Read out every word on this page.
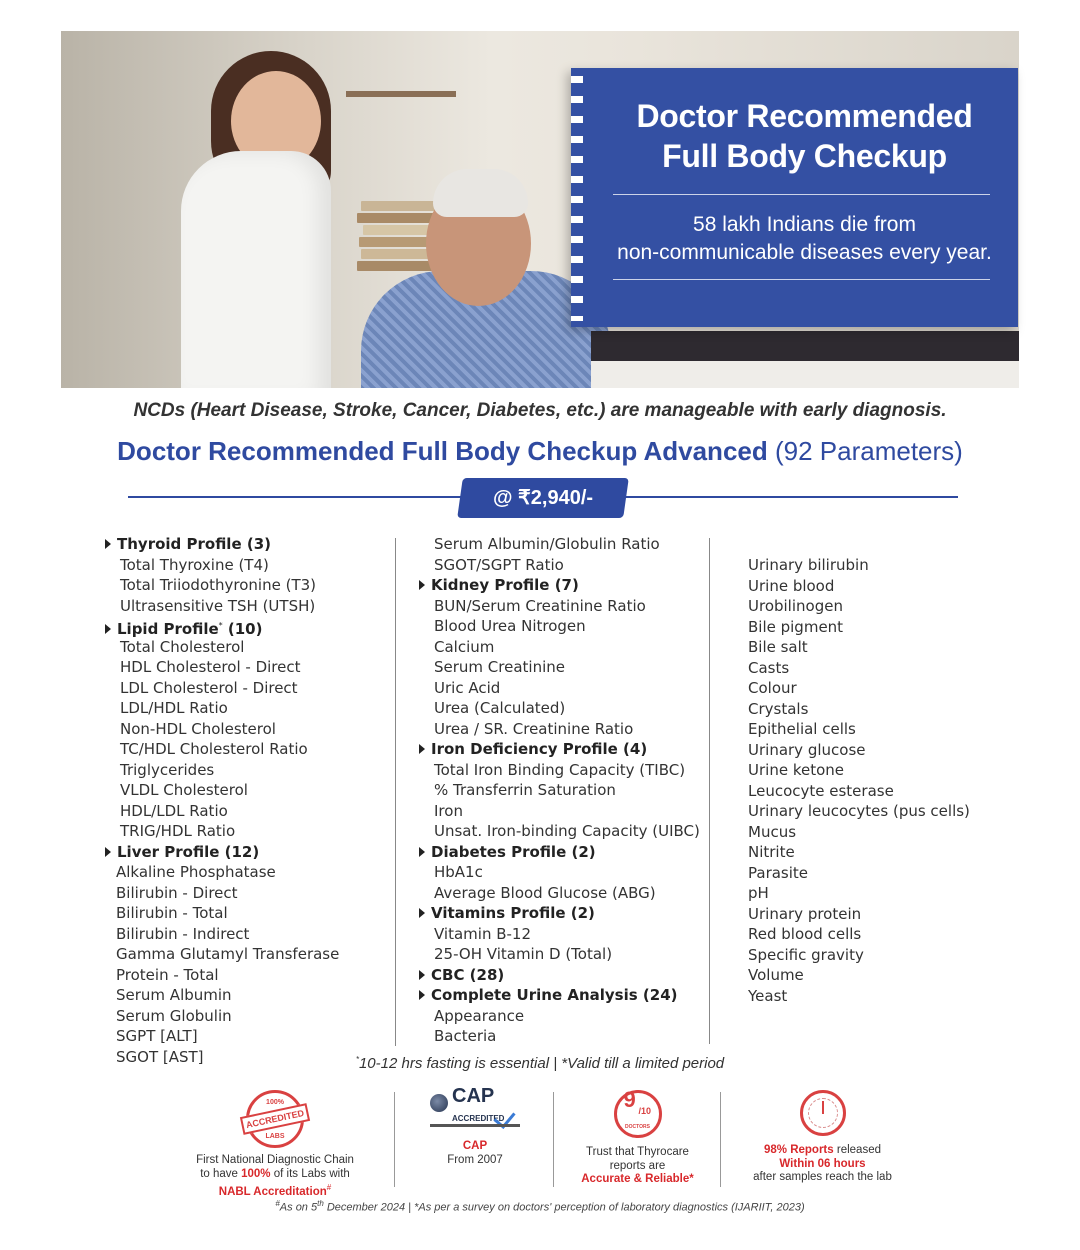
Doctor Recommended
Full Body Checkup
58 lakh Indians die from
non-communicable diseases every year.
NCDs (Heart Disease, Stroke, Cancer, Diabetes, etc.) are manageable with early diagnosis.
Doctor Recommended Full Body Checkup Advanced (92 Parameters)
@ ₹2,940/-
Thyroid Profile (3)
Total Thyroxine (T4)
Total Triiodothyronine (T3)
Ultrasensitive TSH (UTSH)
Lipid Profile* (10)
Total Cholesterol
HDL Cholesterol - Direct
LDL Cholesterol - Direct
LDL/HDL Ratio
Non-HDL Cholesterol
TC/HDL Cholesterol Ratio
Triglycerides
VLDL Cholesterol
HDL/LDL Ratio
TRIG/HDL Ratio
Liver Profile (12)
Alkaline Phosphatase
Bilirubin - Direct
Bilirubin - Total
Bilirubin - Indirect
Gamma Glutamyl Transferase
Protein - Total
Serum Albumin
Serum Globulin
SGPT [ALT]
SGOT [AST]
Serum Albumin/Globulin Ratio
SGOT/SGPT Ratio
Kidney Profile (7)
BUN/Serum Creatinine Ratio
Blood Urea Nitrogen
Calcium
Serum Creatinine
Uric Acid
Urea (Calculated)
Urea / SR. Creatinine Ratio
Iron Deficiency Profile (4)
Total Iron Binding Capacity (TIBC)
% Transferrin Saturation
Iron
Unsat. Iron-binding Capacity (UIBC)
Diabetes Profile (2)
HbA1c
Average Blood Glucose (ABG)
Vitamins Profile (2)
Vitamin B-12
25-OH Vitamin D (Total)
CBC (28)
Complete Urine Analysis (24)
Appearance
Bacteria
Urinary bilirubin
Urine blood
Urobilinogen
Bile pigment
Bile salt
Casts
Colour
Crystals
Epithelial cells
Urinary glucose
Urine ketone
Leucocyte esterase
Urinary leucocytes (pus cells)
Mucus
Nitrite
Parasite
pH
Urinary protein
Red blood cells
Specific gravity
Volume
Yeast
*10-12 hrs fasting is essential | *Valid till a limited period
100%
ACCREDITED
LABS
First National Diagnostic Chain
to have 100% of its Labs with
NABL Accreditation#
CAP
ACCREDITED
CAP
From 2007
9 /10
DOCTORS
Trust that Thyrocare
reports are
Accurate & Reliable*
98% Reports released
Within 06 hours
after samples reach the lab
#As on 5th December 2024 | *As per a survey on doctors' perception of laboratory diagnostics (IJARIIT, 2023)
